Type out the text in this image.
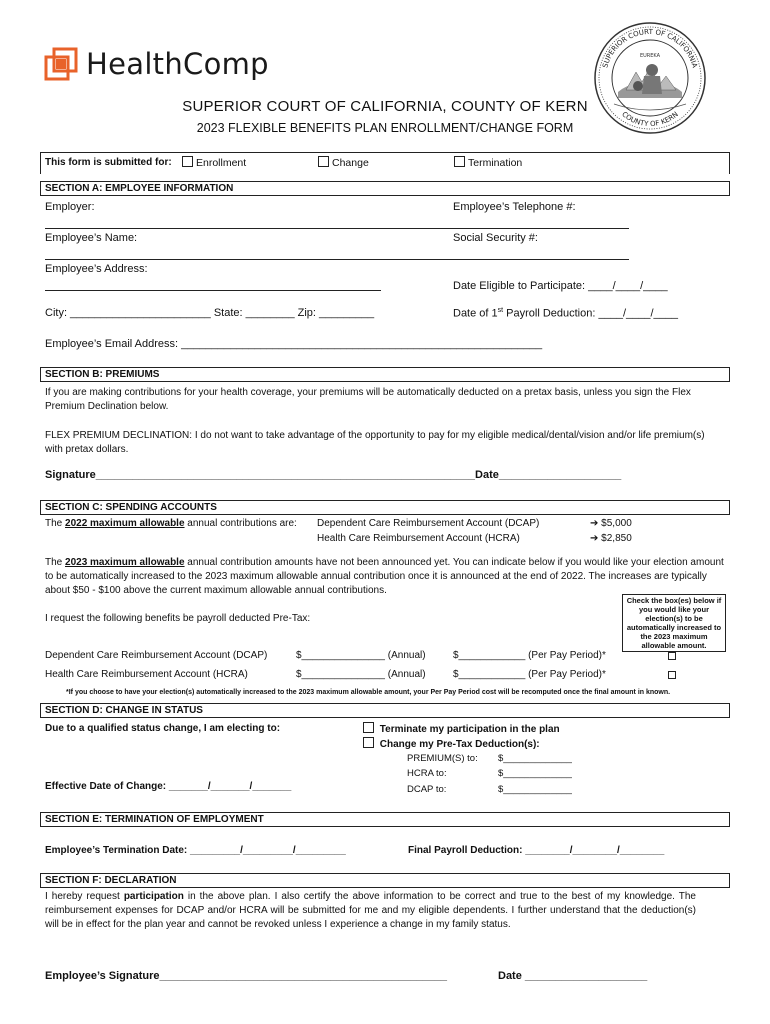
HealthComp	EUREKA
SUPERIOR COURT OF CALIFORNIA
COUNTY OF KERN
SUPERIOR COURT OF CALIFORNIA, COUNTY OF KERN
2023 FLEXIBLE BENEFITS PLAN ENROLLMENT/CHANGE FORM
This form is submitted for:	Enrollment	Change	Termination
SECTION A: EMPLOYEE INFORMATION
Employer:	Employee’s Telephone #:
Employee’s Name:	Social Security #:
Employee’s Address:
Date Eligible to Participate: ____/____/____
City: _______________________ State: ________ Zip: _________	Date of 1st Payroll Deduction: ____/____/____
Employee’s Email Address: ___________________________________________________________
SECTION B: PREMIUMS
If you are making contributions for your health coverage, your premiums will be automatically deducted on a pretax basis, unless you sign the Flex Premium Declination below.
FLEX PREMIUM DECLINATION: I do not want to take advantage of the opportunity to pay for my eligible medical/dental/vision and/or life premium(s) with pretax dollars.
Signature______________________________________________________________Date____________________
SECTION C: SPENDING ACCOUNTS
The 2022 maximum allowable annual contributions are: Dependent Care Reimbursement Account (DCAP)	➔ $5,000
Health Care Reimbursement Account (HCRA)	➔ $2,850
The 2023 maximum allowable annual contribution amounts have not been announced yet. You can indicate below if you would like your election amount to be automatically increased to the 2023 maximum allowable annual contribution once it is announced at the end of 2022. The increases are typically about $50 - $100 above the current maximum allowable annual contributions.
I request the following benefits be payroll deducted Pre-Tax:
Check the box(es) below if you would like your election(s) to be automatically increased to the 2023 maximum allowable amount.
Dependent Care Reimbursement Account (DCAP)	$_______________ (Annual)	$____________ (Per Pay Period)*
Health Care Reimbursement Account (HCRA)	$_______________ (Annual)	$____________ (Per Pay Period)*
*If you choose to have your election(s) automatically increased to the 2023 maximum allowable amount, your Per Pay Period cost will be recomputed once the final amount in known.
SECTION D: CHANGE IN STATUS
Due to a qualified status change, I am electing to:	Terminate my participation in the plan
Change my Pre-Tax Deduction(s):
PREMIUM(S) to: $_____________
HCRA to:	$_____________
DCAP to:	$_____________
Effective Date of Change: _______/_______/_______
SECTION E: TERMINATION OF EMPLOYMENT
Employee’s Termination Date: _________/_________/_________	Final Payroll Deduction: ________/________/________
SECTION F: DECLARATION
I hereby request participation in the above plan. I also certify the above information to be correct and true to the best of my knowledge. The reimbursement expenses for DCAP and/or HCRA will be submitted for me and my eligible dependents. I further understand that the deduction(s) will be in effect for the plan year and cannot be revoked unless I experience a change in my family status.
Employee’s Signature_______________________________________________	Date ____________________
